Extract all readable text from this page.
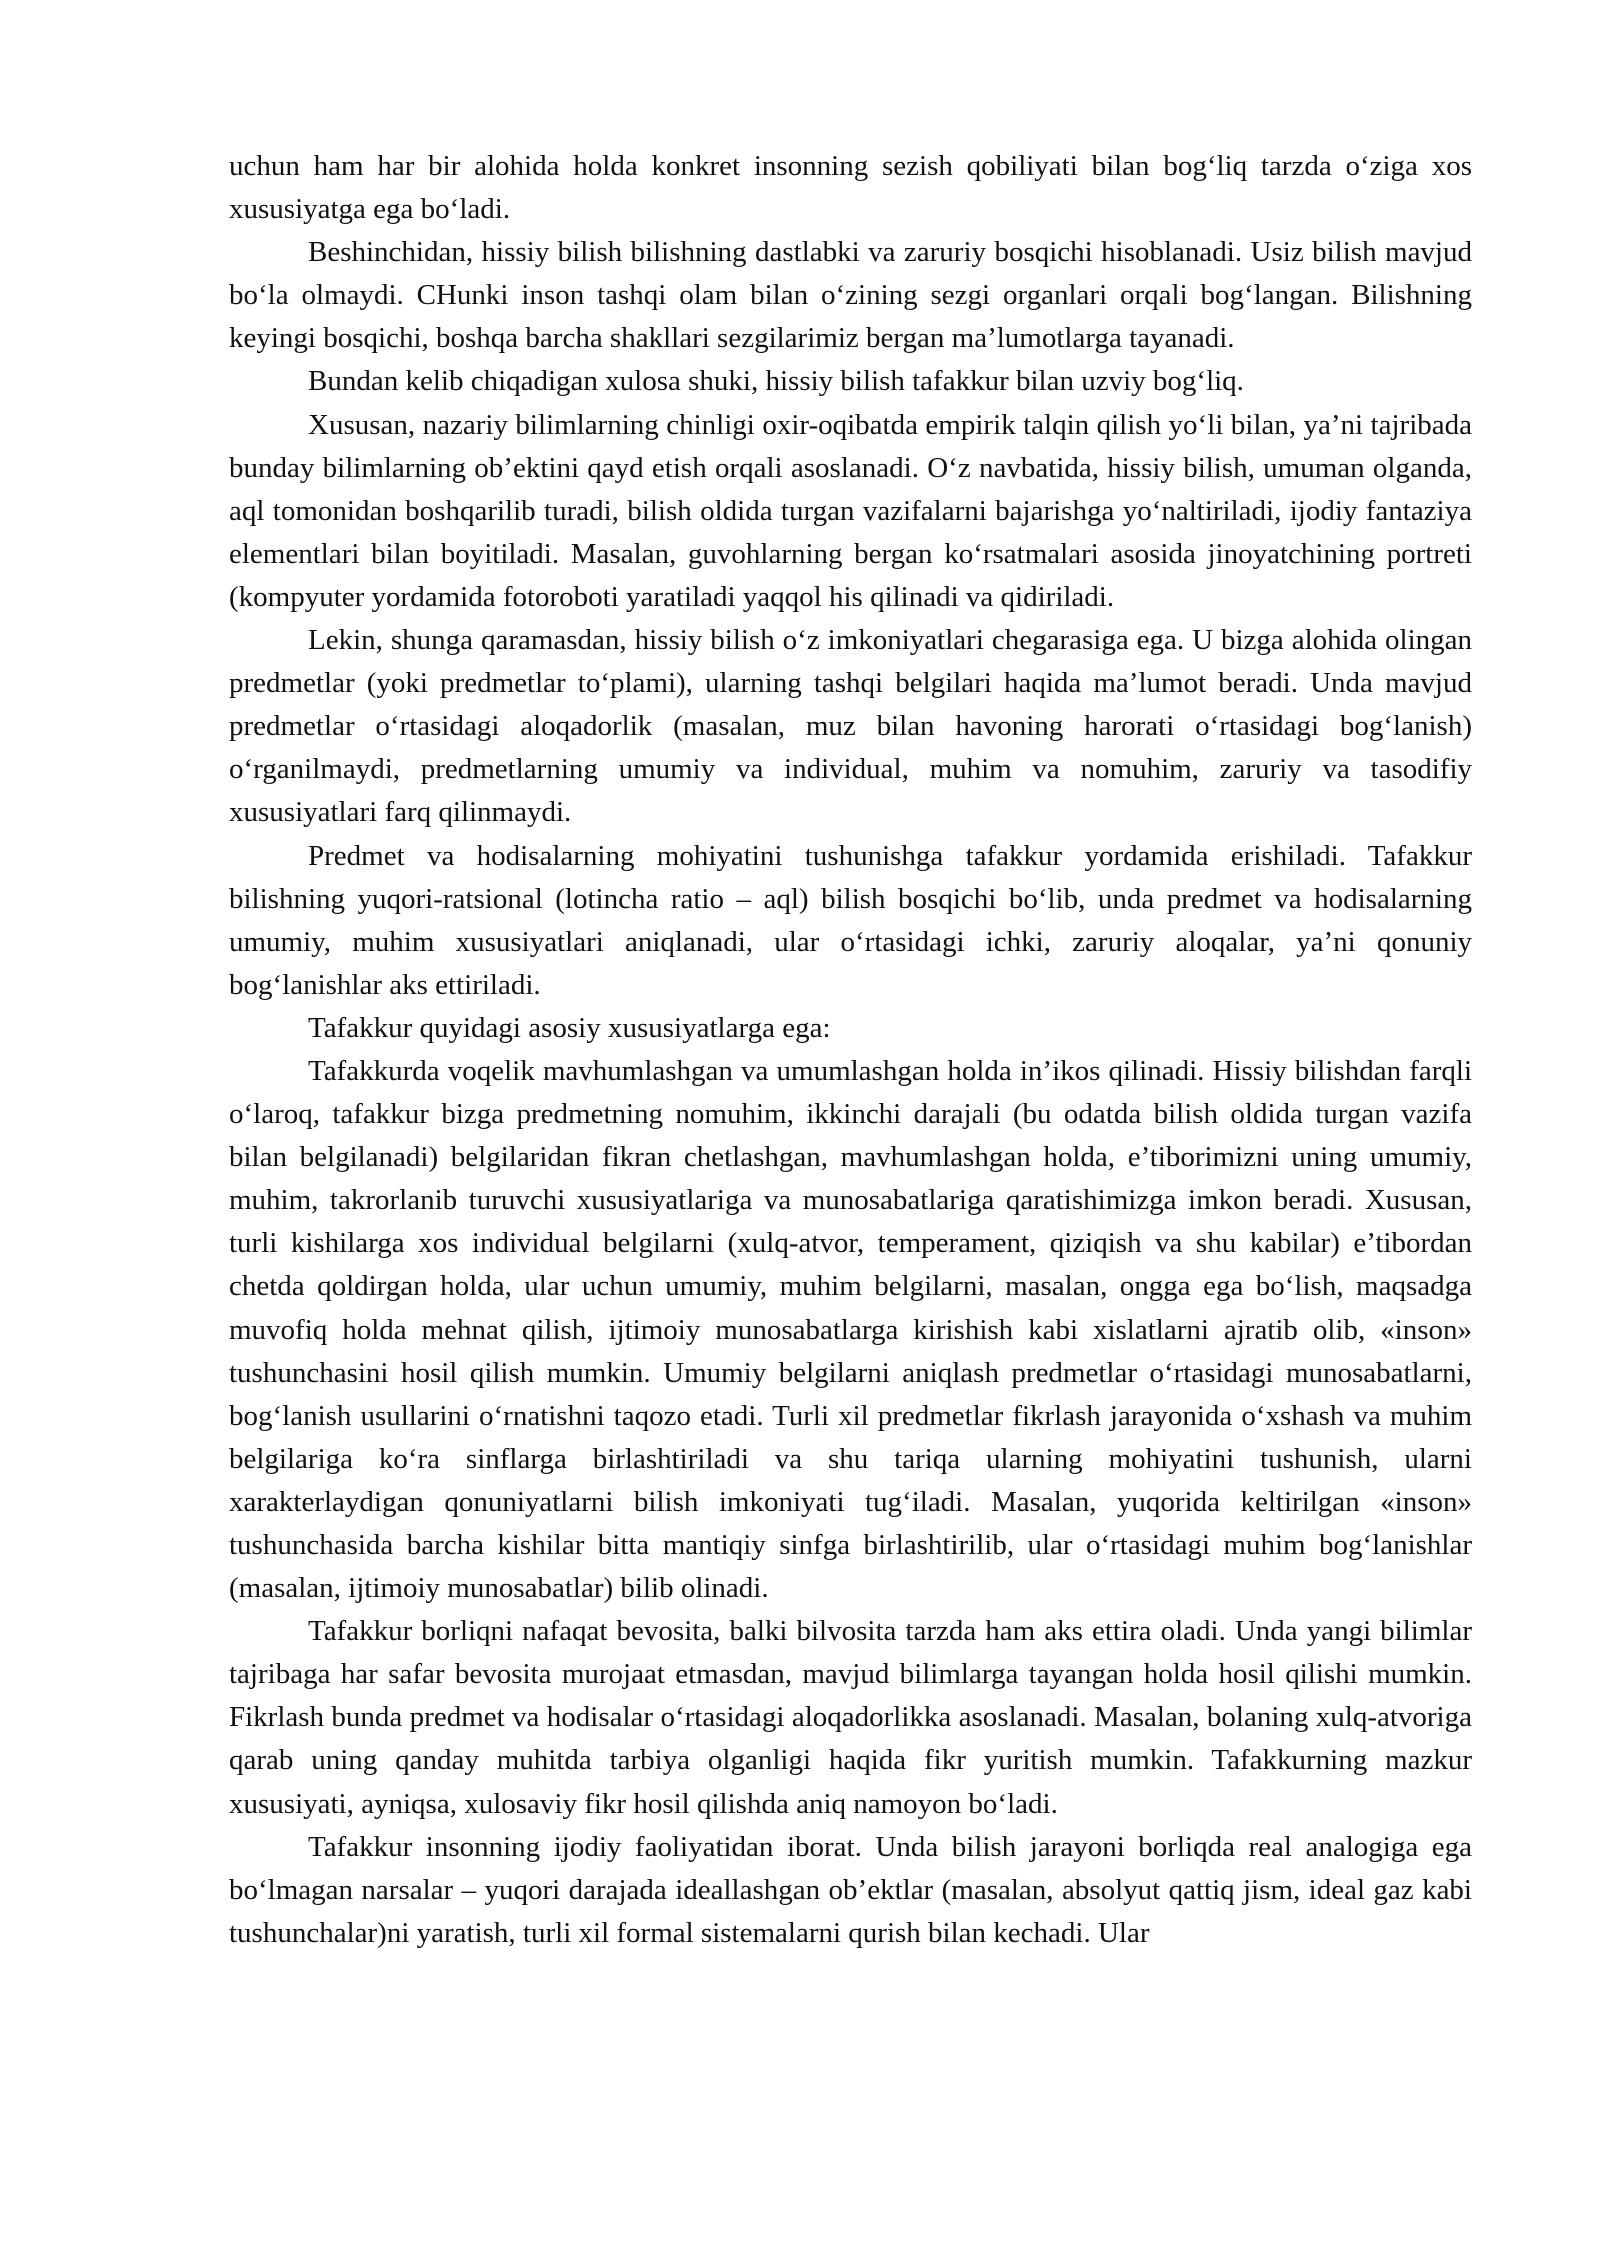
uchun ham har bir alohida holda konkret insonning sezish qobiliyati bilan bog‘liq tarzda o‘ziga xos xususiyatga ega bo‘ladi.

Beshinchidan, hissiy bilish bilishning dastlabki va zaruriy bosqichi hisoblanadi. Usiz bilish mavjud bo‘la olmaydi. CHunki inson tashqi olam bilan o‘zining sezgi organlari orqali bog‘langan. Bilishning keyingi bosqichi, boshqa barcha shakllari sezgilarimiz bergan ma’lumotlarga tayanadi.

Bundan kelib chiqadigan xulosa shuki, hissiy bilish tafakkur bilan uzviy bog‘liq.

Xususan, nazariy bilimlarning chinligi oxir-oqibatda empirik talqin qilish yo‘li bilan, ya’ni tajribada bunday bilimlarning ob’ektini qayd etish orqali asoslanadi. O‘z navbatida, hissiy bilish, umuman olganda, aql tomonidan boshqarilib turadi, bilish oldida turgan vazifalarni bajarishga yo‘naltiriladi, ijodiy fantaziya elementlari bilan boyitiladi. Masalan, guvohlarning bergan ko‘rsatmalari asosida jinoyatchining portreti (kompyuter yordamida fotoroboti yaratiladi yaqqol his qilinadi va qidiriladi.

Lekin, shunga qaramasdan, hissiy bilish o‘z imkoniyatlari chegarasiga ega. U bizga alohida olingan predmetlar (yoki predmetlar to‘plami), ularning tashqi belgilari haqida ma’lumot beradi. Unda mavjud predmetlar o‘rtasidagi aloqadorlik (masalan, muz bilan havoning harorati o‘rtasidagi bog‘lanish) o‘rganilmaydi, predmetlarning umumiy va individual, muhim va nomuhim, zaruriy va tasodifiy xususiyatlari farq qilinmaydi.

Predmet va hodisalarning mohiyatini tushunishga tafakkur yordamida erishiladi. Tafakkur bilishning yuqori-ratsional (lotincha ratio – aql) bilish bosqichi bo‘lib, unda predmet va hodisalarning umumiy, muhim xususiyatlari aniqlanadi, ular o‘rtasidagi ichki, zaruriy aloqalar, ya’ni qonuniy bog‘lanishlar aks ettiriladi.

Tafakkur quyidagi asosiy xususiyatlarga ega:

Tafakkurda voqelik mavhumlashgan va umumlashgan holda in’ikos qilinadi. Hissiy bilishdan farqli o‘laroq, tafakkur bizga predmetning nomuhim, ikkinchi darajali (bu odatda bilish oldida turgan vazifa bilan belgilanadi) belgilaridan fikran chetlashgan, mavhumlashgan holda, e’tiborimizni uning umumiy, muhim, takrorlanib turuvchi xususiyatlariga va munosabatlariga qaratishimizga imkon beradi. Xususan, turli kishilarga xos individual belgilarni (xulq-atvor, temperament, qiziqish va shu kabilar) e’tibordan chetda qoldirgan holda, ular uchun umumiy, muhim belgilarni, masalan, ongga ega bo‘lish, maqsadga muvofiq holda mehnat qilish, ijtimoiy munosabatlarga kirishish kabi xislatlarni ajratib olib, «inson» tushunchasini hosil qilish mumkin. Umumiy belgilarni aniqlash predmetlar o‘rtasidagi munosabatlarni, bog‘lanish usullarini o‘rnatishni taqozo etadi. Turli xil predmetlar fikrlash jarayonida o‘xshash va muhim belgilariga ko‘ra sinflarga birlashtiriladi va shu tariqa ularning mohiyatini tushunish, ularni xarakterlaydigan qonuniyatlarni bilish imkoniyati tug‘iladi. Masalan, yuqorida keltirilgan «inson» tushunchasida barcha kishilar bitta mantiqiy sinfga birlashtirilib, ular o‘rtasidagi muhim bog‘lanishlar (masalan, ijtimoiy munosabatlar) bilib olinadi.

Tafakkur borliqni nafaqat bevosita, balki bilvosita tarzda ham aks ettira oladi. Unda yangi bilimlar tajribaga har safar bevosita murojaat etmasdan, mavjud bilimlarga tayangan holda hosil qilishi mumkin. Fikrlash bunda predmet va hodisalar o‘rtasidagi aloqadorlikka asoslanadi. Masalan, bolaning xulq-atvoriga qarab uning qanday muhitda tarbiya olganligi haqida fikr yuritish mumkin. Tafakkurning mazkur xususiyati, ayniqsa, xulosaviy fikr hosil qilishda aniq namoyon bo‘ladi.

Tafakkur insonning ijodiy faoliyatidan iborat. Unda bilish jarayoni borliqda real analogiga ega bo‘lmagan narsalar – yuqori darajada ideallashgan ob’ektlar (masalan, absolyut qattiq jism, ideal gaz kabi tushunchalar)ni yaratish, turli xil formal sistemalarni qurish bilan kechadi. Ular
